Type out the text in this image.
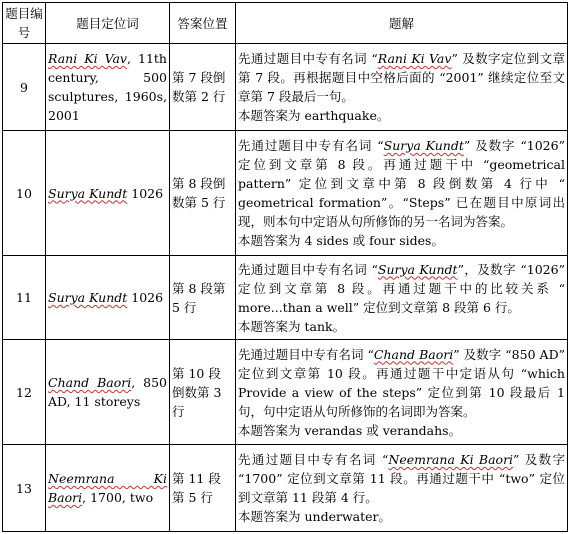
题目编号	题目定位词	答案位置	题解
9	Rani Ki Vav, 11th century, 500 sculptures, 1960s, 2001	第 7 段倒数第 2 行	先通过题目中专有名词 “Rani Ki Vav” 及数字定位到文章第 7 段。再根据题目中空格后面的 “2001” 继续定位至文章第 7 段最后一句。
本题答案为 earthquake。

10	Surya Kundt 1026	第 8 段倒数第 5 行	先通过题目中专有名词 “Surya Kundt” 及数字 “1026” 定位到文章第 8 段。再通过题干中 “geometrical pattern” 定位到文章中第 8 段倒数第 4 行中 “ geometrical formation”。“Steps” 已在题目中原词出现，则本句中定语从句所修饰的另一名词为答案。
本题答案为 4 sides 或 four sides。

11	Surya Kundt 1026	第 8 段第 5 行	先通过题目中专有名词 “Surya Kundt”，及数字 “1026” 定位到文章第 8 段。再通过题干中的比较关系 “ more...than a well” 定位到文章第 8 段第 6 行。
本题答案为 tank。

12	Chand Baori, 850 AD, 11 storeys	第 10 段倒数第 3 行	先通过题目中专有名词 “Chand Baori” 及数字 “850 AD” 定位到文章第 10 段。再通过题干中定语从句 “which Provide a view of the steps” 定位到第 10 段最后 1 句，句中定语从句所修饰的名词即为答案。
本题答案为 verandas 或 verandahs。

13	Neemrana Ki Baori, 1700, two	第 11 段第 5 行	先通过题目中专有名词 “Neemrana Ki Baori” 及数字 “1700” 定位到文章第 11 段。再通过题干中 “two” 定位到文章第 11 段第 4 行。
本题答案为 underwater。
